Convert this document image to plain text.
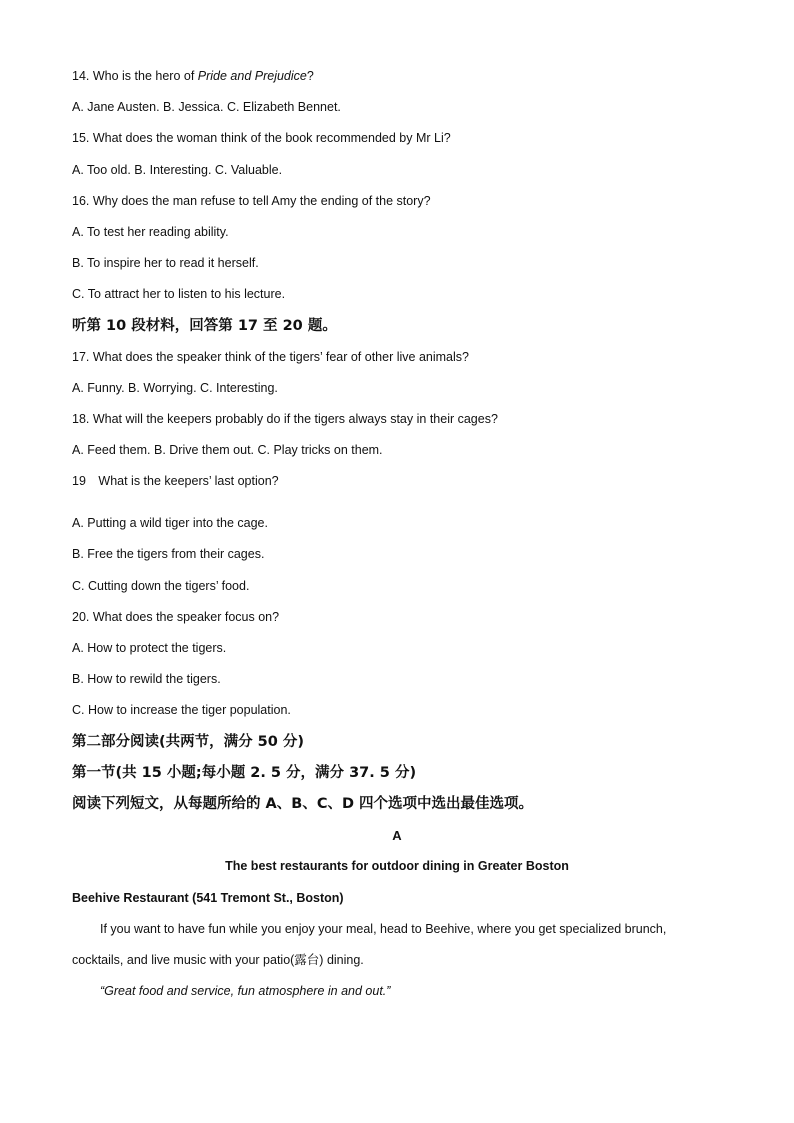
14. Who is the hero of Pride and Prejudice?
A. Jane Austen. B. Jessica. C. Elizabeth Bennet.
15. What does the woman think of the book recommended by Mr Li?
A. Too old. B. Interesting. C. Valuable.
16. Why does the man refuse to tell Amy the ending of the story?
A. To test her reading ability.
B. To inspire her to read it herself.
C. To attract her to listen to his lecture.
听第 10 段材料，回答第 17 至 20 题。
17. What does the speaker think of the tigers’ fear of other live animals?
A. Funny. B. Worrying. C. Interesting.
18. What will the keepers probably do if the tigers always stay in their cages?
A. Feed them. B. Drive them out. C. Play tricks on them.
19　What is the keepers’ last option?
A. Putting a wild tiger into the cage.
B. Free the tigers from their cages.
C. Cutting down the tigers’ food.
20. What does the speaker focus on?
A. How to protect the tigers.
B. How to rewild the tigers.
C. How to increase the tiger population.
第二部分阅读(共两节，满分 50 分)
第一节(共 15 小题;每小题 2. 5 分，满分 37. 5 分)
阅读下列短文，从每题所给的 A、B、C、D 四个选项中选出最佳选项。
A
The best restaurants for outdoor dining in Greater Boston
Beehive Restaurant (541 Tremont St., Boston)
If you want to have fun while you enjoy your meal, head to Beehive, where you get specialized brunch,
cocktails, and live music with your patio(露台) dining.
“Great food and service, fun atmosphere in and out.”
